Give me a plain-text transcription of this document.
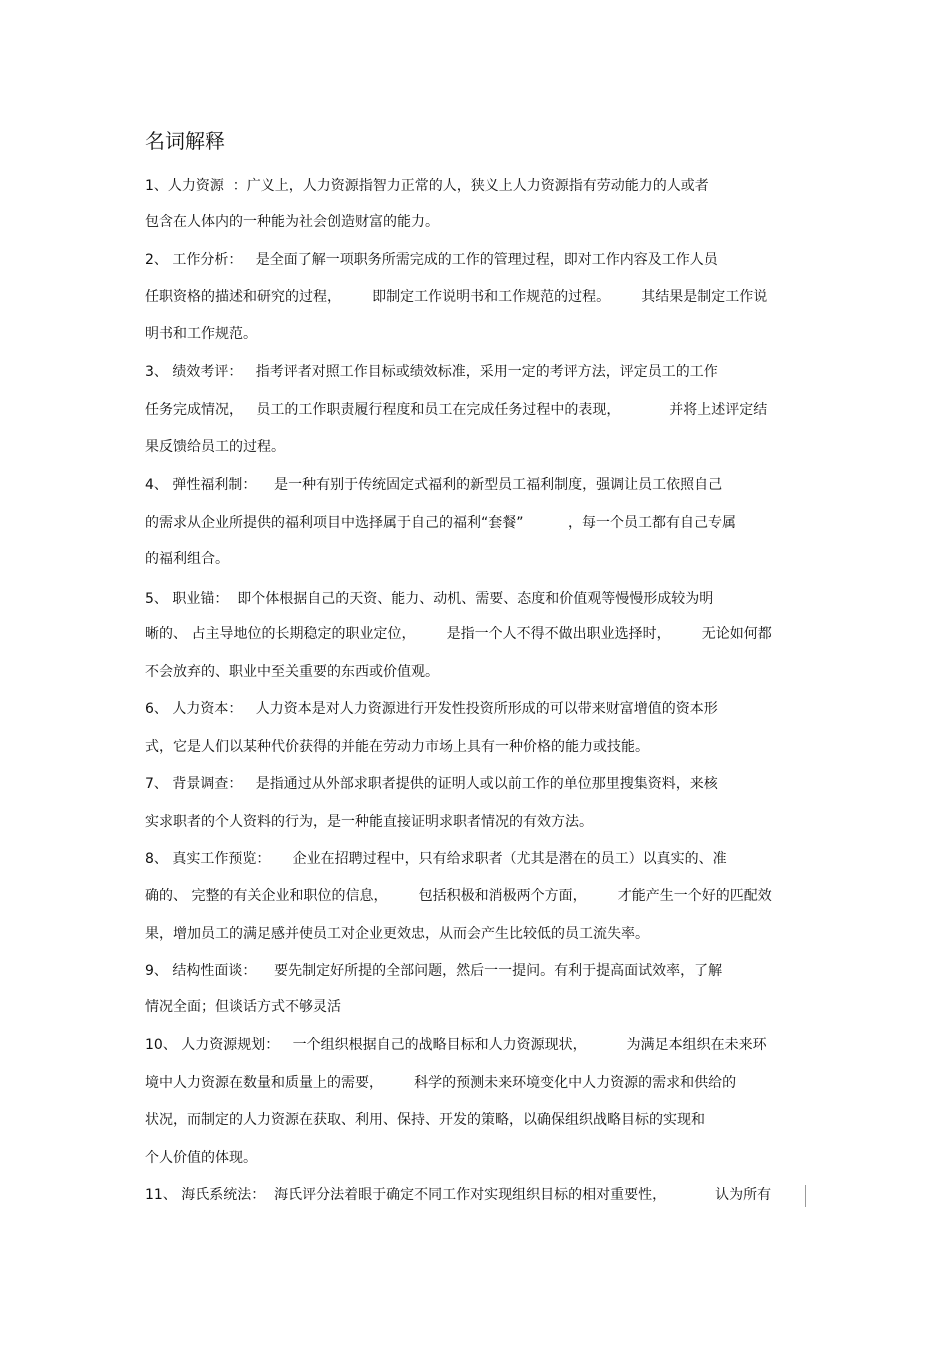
名词解释
1、人力资源  ：广义上，人力资源指智力正常的人，狭义上人力资源指有劳动能力的人或者
包含在人体内的一种能为社会创造财富的能力。
2、 工作分析：   是全面了解一项职务所需完成的工作的管理过程，即对工作内容及工作人员
任职资格的描述和研究的过程，       即制定工作说明书和工作规范的过程。       其结果是制定工作说
明书和工作规范。
3、 绩效考评：   指考评者对照工作目标或绩效标准，采用一定的考评方法，评定员工的工作
任务完成情况，   员工的工作职责履行程度和员工在完成任务过程中的表现，           并将上述评定结
果反馈给员工的过程。
4、 弹性福利制：    是一种有别于传统固定式福利的新型员工福利制度，强调让员工依照自己
的需求从企业所提供的福利项目中选择属于自己的福利“套餐”          ，每一个员工都有自己专属
的福利组合。
5、 职业锚：  即个体根据自己的天资、能力、动机、需要、态度和价值观等慢慢形成较为明
晰的、 占主导地位的长期稳定的职业定位，       是指一个人不得不做出职业选择时，       无论如何都
不会放弃的、职业中至关重要的东西或价值观。
6、 人力资本：   人力资本是对人力资源进行开发性投资所形成的可以带来财富增值的资本形
式，它是人们以某种代价获得的并能在劳动力市场上具有一种价格的能力或技能。
7、 背景调查：   是指通过从外部求职者提供的证明人或以前工作的单位那里搜集资料，来核
实求职者的个人资料的行为，是一种能直接证明求职者情况的有效方法。
8、 真实工作预览：     企业在招聘过程中，只有给求职者（尤其是潜在的员工）以真实的、准
确的、 完整的有关企业和职位的信息，       包括积极和消极两个方面，       才能产生一个好的匹配效
果，增加员工的满足感并使员工对企业更效忠，从而会产生比较低的员工流失率。
9、 结构性面谈：    要先制定好所提的全部问题，然后一一提问。有利于提高面试效率，了解
情况全面；但谈话方式不够灵活
10、 人力资源规划：   一个组织根据自己的战略目标和人力资源现状，         为满足本组织在未来环
境中人力资源在数量和质量上的需要，       科学的预测未来环境变化中人力资源的需求和供给的
状况，而制定的人力资源在获取、利用、保持、开发的策略，以确保组织战略目标的实现和
个人价值的体现。
11、 海氏系统法：  海氏评分法着眼于确定不同工作对实现组织目标的相对重要性，           认为所有
